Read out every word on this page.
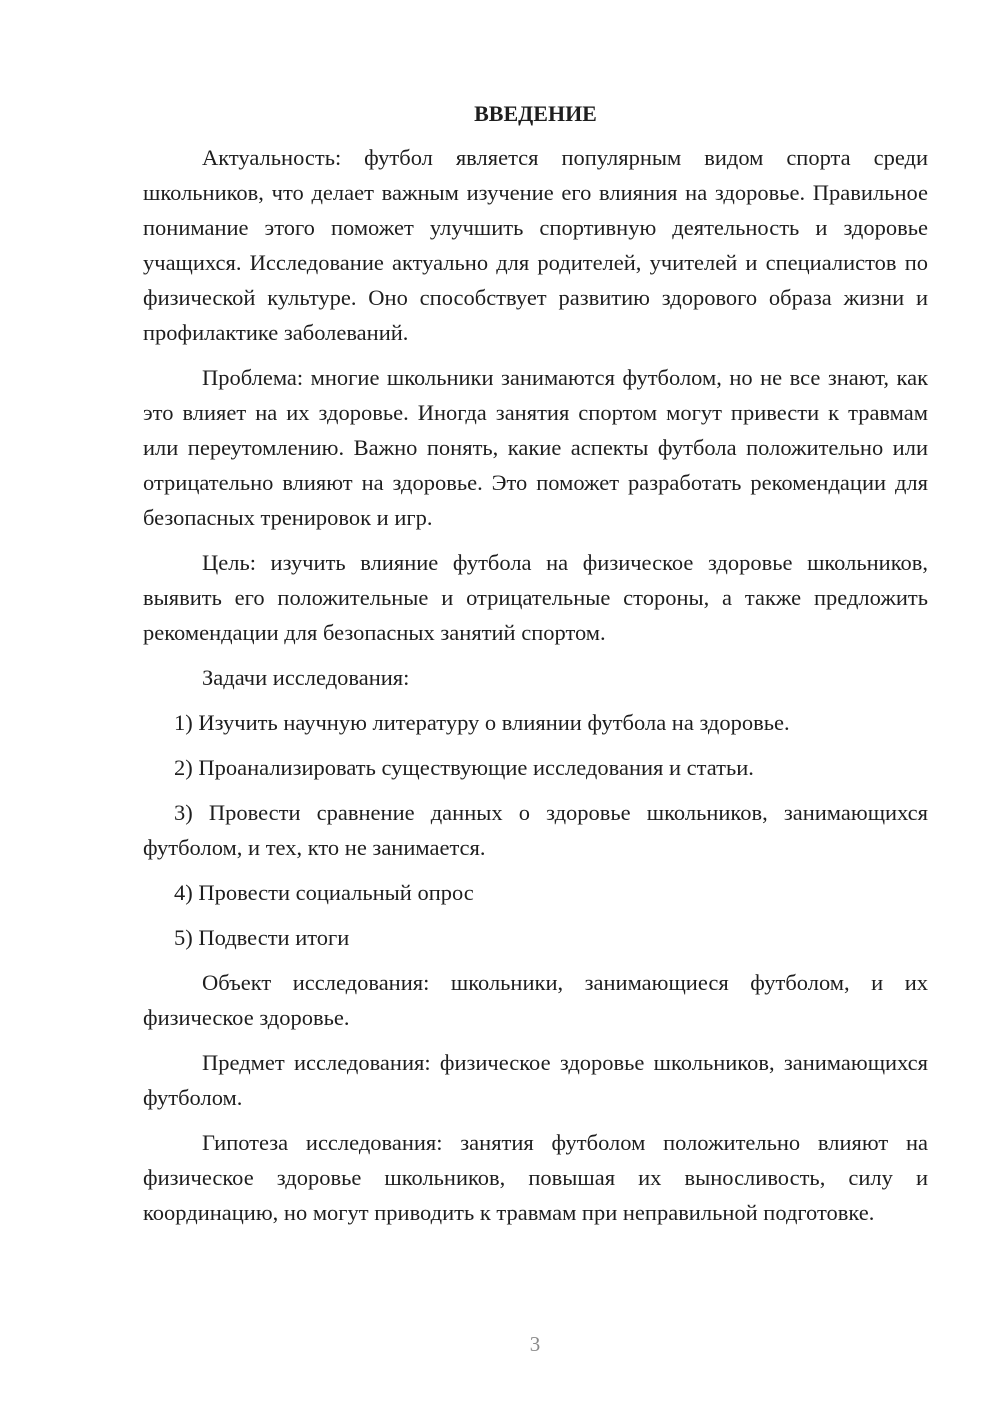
ВВЕДЕНИЕ

Актуальность: футбол является популярным видом спорта среди школьников, что делает важным изучение его влияния на здоровье. Правильное понимание этого поможет улучшить спортивную деятельность и здоровье учащихся. Исследование актуально для родителей, учителей и специалистов по физической культуре. Оно способствует развитию здорового образа жизни и профилактике заболеваний.

Проблема: многие школьники занимаются футболом, но не все знают, как это влияет на их здоровье. Иногда занятия спортом могут привести к травмам или переутомлению. Важно понять, какие аспекты футбола положительно или отрицательно влияют на здоровье. Это поможет разработать рекомендации для безопасных тренировок и игр.

Цель: изучить влияние футбола на физическое здоровье школьников, выявить его положительные и отрицательные стороны, а также предложить рекомендации для безопасных занятий спортом.

Задачи исследования:

1) Изучить научную литературу о влиянии футбола на здоровье.

2) Проанализировать существующие исследования и статьи.

3) Провести сравнение данных о здоровье школьников, занимающихся футболом, и тех, кто не занимается.

4) Провести социальный опрос

5) Подвести итоги

Объект исследования: школьники, занимающиеся футболом, и их физическое здоровье.

Предмет исследования: физическое здоровье школьников, занимающихся футболом.

Гипотеза исследования: занятия футболом положительно влияют на физическое здоровье школьников, повышая их выносливость, силу и координацию, но могут приводить к травмам при неправильной подготовке.

3
